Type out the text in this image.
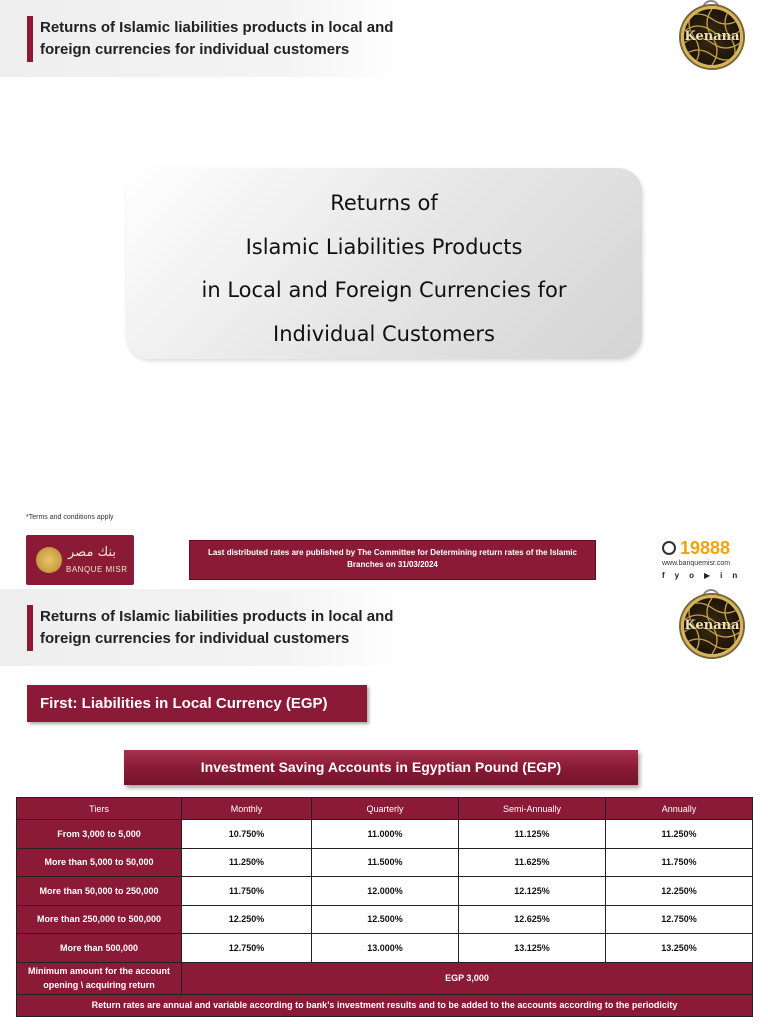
Returns of Islamic liabilities products in local and foreign currencies for individual customers
Kenana
Returns of
Islamic Liabilities Products
in Local and Foreign Currencies for
Individual Customers
*Terms and conditions apply
بنك مصر
BANQUE MISR
Last distributed rates are published by The Committee for Determining return rates of the Islamic Branches on 31/03/2024
19888
www.banquemisr.com
fyo▶in
Returns of Islamic liabilities products in local and foreign currencies for individual customers
Kenana
First: Liabilities in Local Currency (EGP)
Investment Saving Accounts in Egyptian Pound (EGP)
Tiers	Monthly	Quarterly	Semi-Annually	Annually
From 3,000 to 5,000	10.750%	11.000%	11.125%	11.250%
More than 5,000 to 50,000	11.250%	11.500%	11.625%	11.750%
More than 50,000 to 250,000	11.750%	12.000%	12.125%	12.250%
More than 250,000 to 500,000	12.250%	12.500%	12.625%	12.750%
More than 500,000	12.750%	13.000%	13.125%	13.250%
Minimum amount for the account opening \ acquiring return	EGP 3,000			
Return rates are annual and variable according to bank’s investment results and to be added to the accounts according to the periodicity				
